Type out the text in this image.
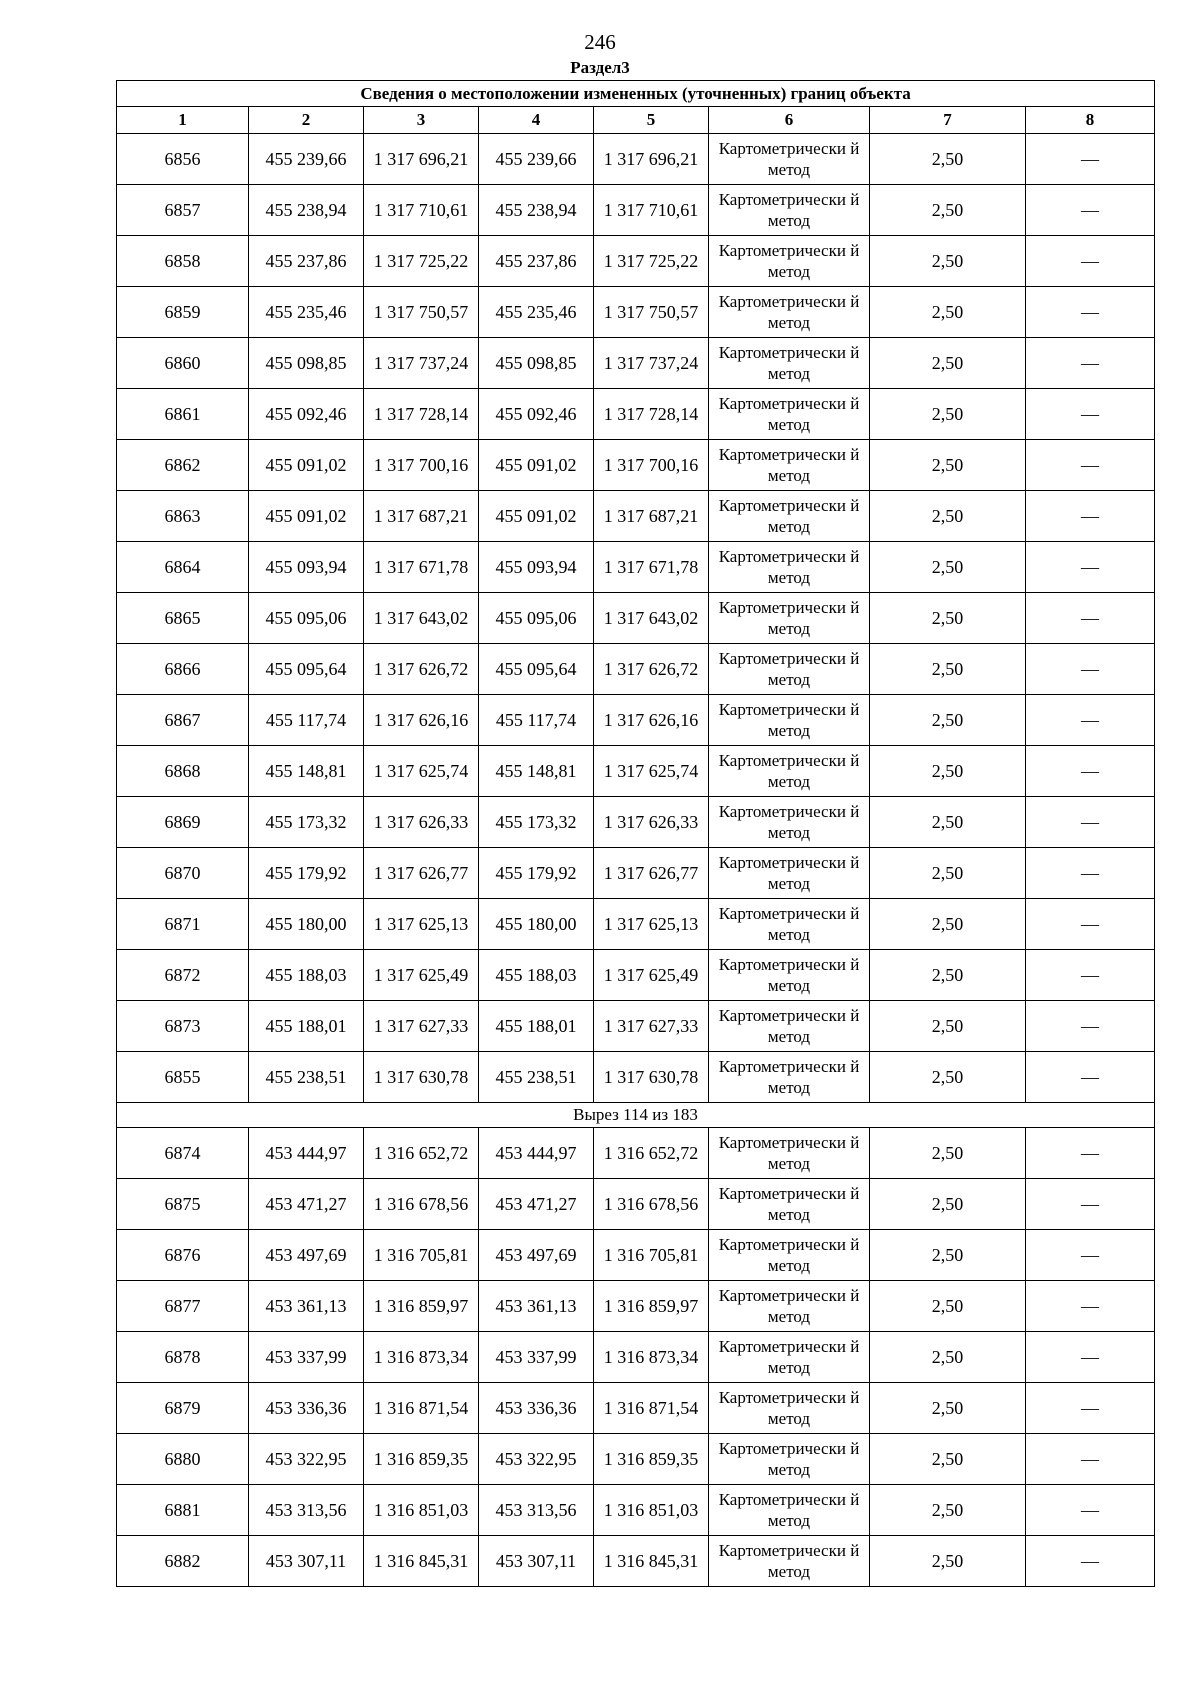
246
Раздел3
Сведения о местоположении измененных (уточненных) границ объекта							
1	2	3	4	5	6	7	8
6856	455 239,66	1 317 696,21	455 239,66	1 317 696,21	Картометрически й метод	2,50	—
6857	455 238,94	1 317 710,61	455 238,94	1 317 710,61	Картометрически й метод	2,50	—
6858	455 237,86	1 317 725,22	455 237,86	1 317 725,22	Картометрически й метод	2,50	—
6859	455 235,46	1 317 750,57	455 235,46	1 317 750,57	Картометрически й метод	2,50	—
6860	455 098,85	1 317 737,24	455 098,85	1 317 737,24	Картометрически й метод	2,50	—
6861	455 092,46	1 317 728,14	455 092,46	1 317 728,14	Картометрически й метод	2,50	—
6862	455 091,02	1 317 700,16	455 091,02	1 317 700,16	Картометрически й метод	2,50	—
6863	455 091,02	1 317 687,21	455 091,02	1 317 687,21	Картометрически й метод	2,50	—
6864	455 093,94	1 317 671,78	455 093,94	1 317 671,78	Картометрически й метод	2,50	—
6865	455 095,06	1 317 643,02	455 095,06	1 317 643,02	Картометрически й метод	2,50	—
6866	455 095,64	1 317 626,72	455 095,64	1 317 626,72	Картометрически й метод	2,50	—
6867	455 117,74	1 317 626,16	455 117,74	1 317 626,16	Картометрически й метод	2,50	—
6868	455 148,81	1 317 625,74	455 148,81	1 317 625,74	Картометрически й метод	2,50	—
6869	455 173,32	1 317 626,33	455 173,32	1 317 626,33	Картометрически й метод	2,50	—
6870	455 179,92	1 317 626,77	455 179,92	1 317 626,77	Картометрически й метод	2,50	—
6871	455 180,00	1 317 625,13	455 180,00	1 317 625,13	Картометрически й метод	2,50	—
6872	455 188,03	1 317 625,49	455 188,03	1 317 625,49	Картометрически й метод	2,50	—
6873	455 188,01	1 317 627,33	455 188,01	1 317 627,33	Картометрически й метод	2,50	—
6855	455 238,51	1 317 630,78	455 238,51	1 317 630,78	Картометрически й метод	2,50	—
Вырез 114 из 183							
6874	453 444,97	1 316 652,72	453 444,97	1 316 652,72	Картометрически й метод	2,50	—
6875	453 471,27	1 316 678,56	453 471,27	1 316 678,56	Картометрически й метод	2,50	—
6876	453 497,69	1 316 705,81	453 497,69	1 316 705,81	Картометрически й метод	2,50	—
6877	453 361,13	1 316 859,97	453 361,13	1 316 859,97	Картометрически й метод	2,50	—
6878	453 337,99	1 316 873,34	453 337,99	1 316 873,34	Картометрически й метод	2,50	—
6879	453 336,36	1 316 871,54	453 336,36	1 316 871,54	Картометрически й метод	2,50	—
6880	453 322,95	1 316 859,35	453 322,95	1 316 859,35	Картометрически й метод	2,50	—
6881	453 313,56	1 316 851,03	453 313,56	1 316 851,03	Картометрически й метод	2,50	—
6882	453 307,11	1 316 845,31	453 307,11	1 316 845,31	Картометрически й метод	2,50	—
